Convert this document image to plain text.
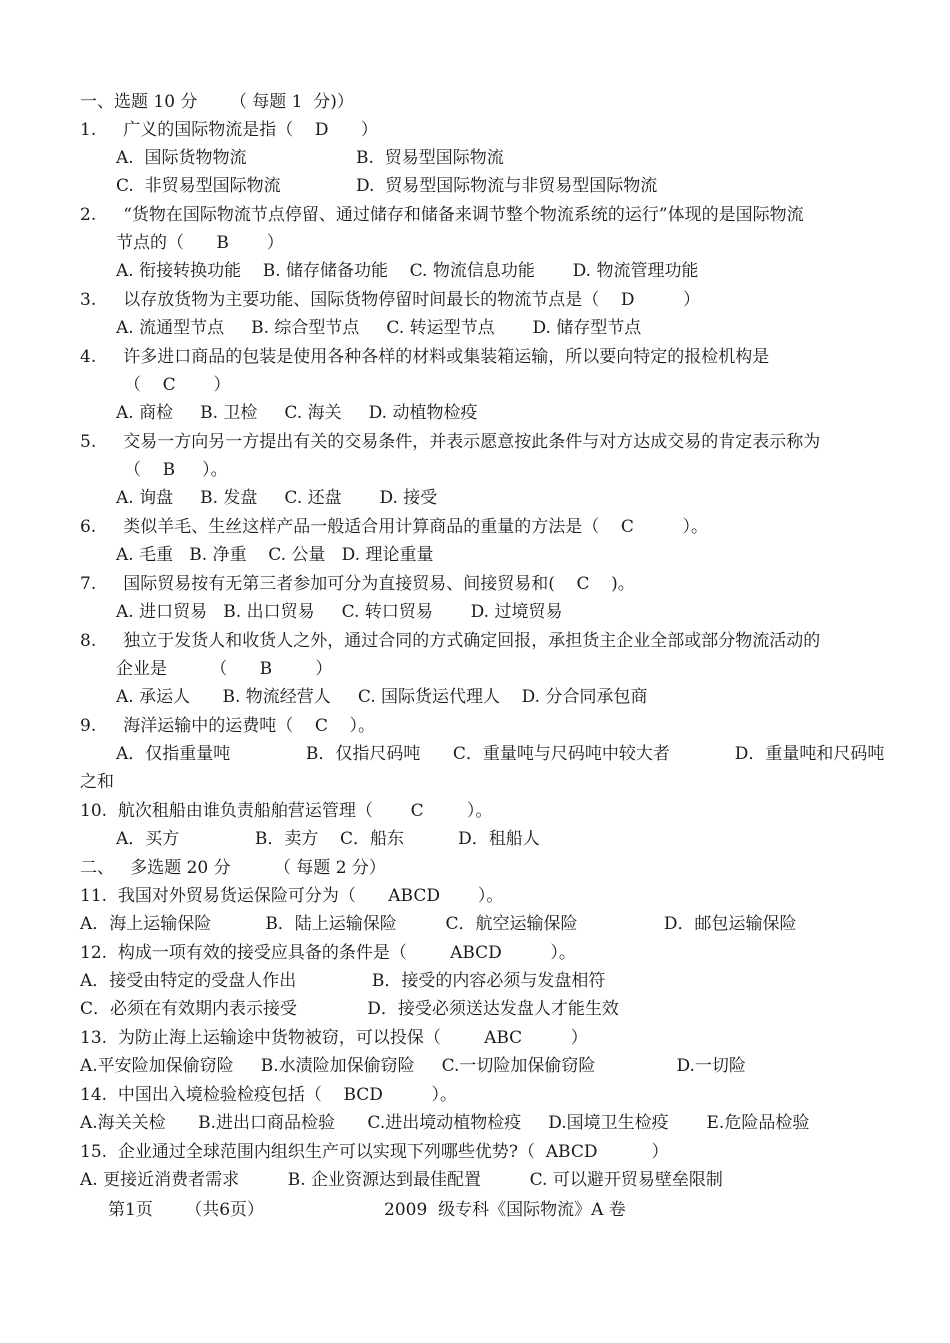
一、选题 10 分      （ 每题 1  分)）
1.     广义的国际物流是指（    D      ）
A.  国际货物物流	B.  贸易型国际物流
C.  非贸易型国际物流	D.  贸易型国际物流与非贸易型国际物流
2.     “货物在国际物流节点停留、通过储存和储备来调节整个物流系统的运行”体现的是国际物流
节点的（      B       ）
A. 衔接转换功能    B. 储存储备功能    C. 物流信息功能       D. 物流管理功能
3.     以存放货物为主要功能、国际货物停留时间最长的物流节点是（    D         ）
A. 流通型节点     B. 综合型节点     C. 转运型节点       D. 储存型节点
4.     许多进口商品的包装是使用各种各样的材料或集装箱运输，所以要向特定的报检机构是
（    C       ）
A. 商检     B. 卫检     C. 海关     D. 动植物检疫
5.     交易一方向另一方提出有关的交易条件，并表示愿意按此条件与对方达成交易的肯定表示称为
（    B     ）。
A. 询盘     B. 发盘     C. 还盘       D. 接受
6.     类似羊毛、生丝这样产品一般适合用计算商品的重量的方法是（    C         ）。
A. 毛重   B. 净重    C. 公量   D. 理论重量
7.     国际贸易按有无第三者参加可分为直接贸易、间接贸易和(    C    )。
A. 进口贸易   B. 出口贸易     C. 转口贸易       D. 过境贸易
8.     独立于发货人和收货人之外，通过合同的方式确定回报，承担货主企业全部或部分物流活动的
企业是        （      B        ）
A. 承运人      B. 物流经营人     C. 国际货运代理人    D. 分合同承包商
9.     海洋运输中的运费吨（    C    ）。
A．仅指重量吨              B．仅指尺码吨      C．重量吨与尺码吨中较大者            D．重量吨和尺码吨
之和
10.  航次租船由谁负责船舶营运管理（       C        ）。
A．买方              B．卖方    C．船东          D．租船人
二、   多选题 20 分        （ 每题 2 分）
11.  我国对外贸易货运保险可分为（      ABCD       ）。
A．海上运输保险          B．陆上运输保险         C．航空运输保险                D．邮包运输保险
12.  构成一项有效的接受应具备的条件是（        ABCD         ）。
A．接受由特定的受盘人作出              B．接受的内容必须与发盘相符
C．必须在有效期内表示接受             D．接受必须送达发盘人才能生效
13.  为防止海上运输途中货物被窃，可以投保（        ABC         ）
A.平安险加保偷窃险     B.水渍险加保偷窃险     C.一切险加保偷窃险               D.一切险
14.  中国出入境检验检疫包括（    BCD         ）。
A.海关关检      B.进出口商品检验      C.进出境动植物检疫     D.国境卫生检疫       E.危险品检验
15.  企业通过全球范围内组织生产可以实现下列哪些优势?（  ABCD          ）
A. 更接近消费者需求         B. 企业资源达到最佳配置         C. 可以避开贸易壁垒限制
第1页      （共6页）	2009  级专科《国际物流》A 卷
